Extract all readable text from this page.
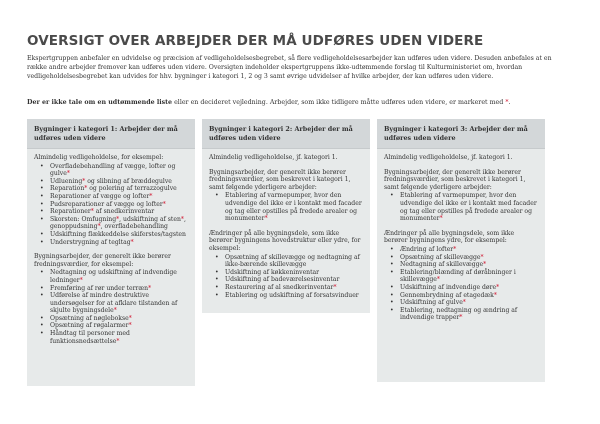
OVERSIGT OVER ARBEJDER DER MÅ UDFØRES UDEN VIDERE

Ekspertgruppen anbefaler en udvidelse og præcision af vedligeholdelsesbegrebet, så flere vedligeholdelsesarbejder kan udføres uden videre. Desuden anbefales at en

række andre arbejder fremover kan udføres uden videre. Oversigten indeholder ekspertgruppens ikke-udtømmende forslag til Kulturministeriet om, hvordan

vedligeholdelsesbegrebet kan udvides for hhv. bygninger i kategori 1, 2 og 3 samt øvrige udvidelser af hvilke arbejder, der kan udføres uden videre.

Der er ikke tale om en udtømmende liste eller en decideret vejledning. Arbejder, som ikke tidligere måtte udføres uden videre, er markeret med *.
Bygninger i kategori 1: Arbejder der må udføres uden videre

Almindelig vedligeholdelse, for eksempel:

• Overfladebehandling af vægge, lofter og gulve*
• Udluening* og slibning af bræddegulve
• Reparation* og polering af terrazzogulve
• Reparationer af vægge og lofter*
• Pudsreparationer af vægge og lofter*
• Reparationer* af snedkerinventar
• Skorsten: Omfugning*, udskiftning af sten*, genoppudsning*, overfladebehandling
• Udskiftning flækkeddelse skiferstes/tagsten
• Understrygning af tegltag*

Bygningsarbejder, der generelt ikke berører fredningsværdier, for eksempel:

• Nedtagning og udskiftning af indvendige ledninger*
• Fremføring af rør under terræn*
• Udførelse af mindre destruktive undersøgelser for at afklare tilstanden af skjulte bygningsdele*
• Opsætning af nøglebokse*
• Opsætning af røgalarmer*
• Håndtag til personer med funktionsnedsættelse*
Bygninger i kategori 2: Arbejder der må udføres uden videre

Almindelig vedligeholdelse, jf. kategori 1.

Bygningsarbejder, der generelt ikke berører fredningsværdier, som beskrevet i kategori 1, samt følgende yderligere arbejder:

• Etablering af varmepumper, hvor den udvendige del ikke er i kontakt med facader og tag eller opstilles på fredede arealer og monumenter*

Ændringer på alle bygningsdele, som ikke berører bygningens hovedstruktur eller ydre, for eksempel:

• Opsætning af skillevægge og nedtagning af ikke-bærende skillevægge
• Udskiftning af køkkeninventar
• Udskiftning af badeværelsesinventar
• Restaurering af al snedkerinventar*
• Etablering og udskiftning af forsatsvinduer
Bygninger i kategori 3: Arbejder der må udføres uden videre

Almindelig vedligeholdelse, jf. kategori 1.

Bygningsarbejder, der generelt ikke berører fredningsværdier, som beskrevet i kategori 1, samt følgende yderligere arbejder:

• Etablering af varmepumper, hvor den udvendige del ikke er i kontakt med facader og tag eller opstilles på fredede arealer og monumenter*

Ændringer på alle bygningsdele, som ikke berører bygningens ydre, for eksempel:

• Ændring af lofter*
• Opsætning af skillevægge*
• Nedtagning af skillevægge*
• Etablering/blænding af døråbninger i skillevægge*
• Udskiftning af indvendige døre*
• Gennembrydning af etagedæk*
• Udskiftning af gulve*
• Etablering, nedtagning og ændring af indvendige trapper*
